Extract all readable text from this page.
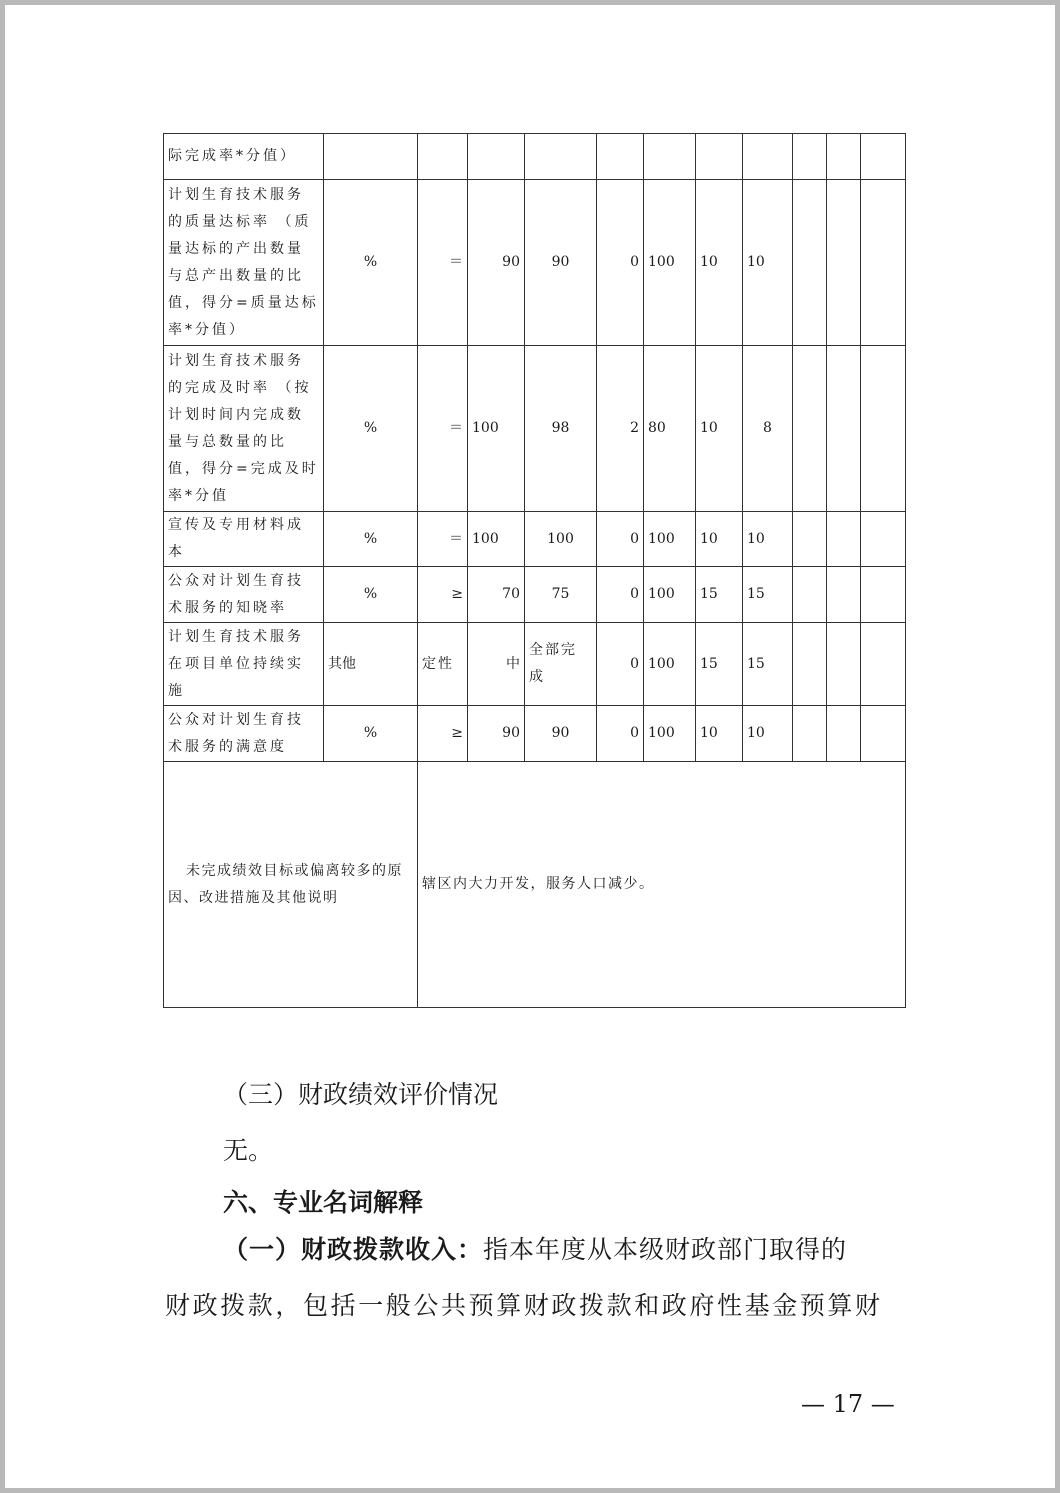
际完成率*分值）											
计划生育技术服务的质量达标率 （质量达标的产出数量与总产出数量的比值，得分=质量达标率*分值）	%	＝	90	90	0	100	10	10			
计划生育技术服务的完成及时率 （按计划时间内完成数量与总数量的比值，得分=完成及时率*分值	%	＝	100	98	2	80	10	8			
宣传及专用材料成本	%	＝	100	100	0	100	10	10			
公众对计划生育技术服务的知晓率	%	≥	70	75	0	100	15	15			
计划生育技术服务在项目单位持续实施	其他	定性	中	全部完成	0	100	15	15			
公众对计划生育技术服务的满意度	%	≥	90	90	0	100	10	10			
未完成绩效目标或偏离较多的原因、改进措施及其他说明		辖区内大力开发，服务人口减少。									

（三）财政绩效评价情况

无。

六、专业名词解释

（一）财政拨款收入：指本年度从本级财政部门取得的

财政拨款，包括一般公共预算财政拨款和政府性基金预算财

— 17 —
